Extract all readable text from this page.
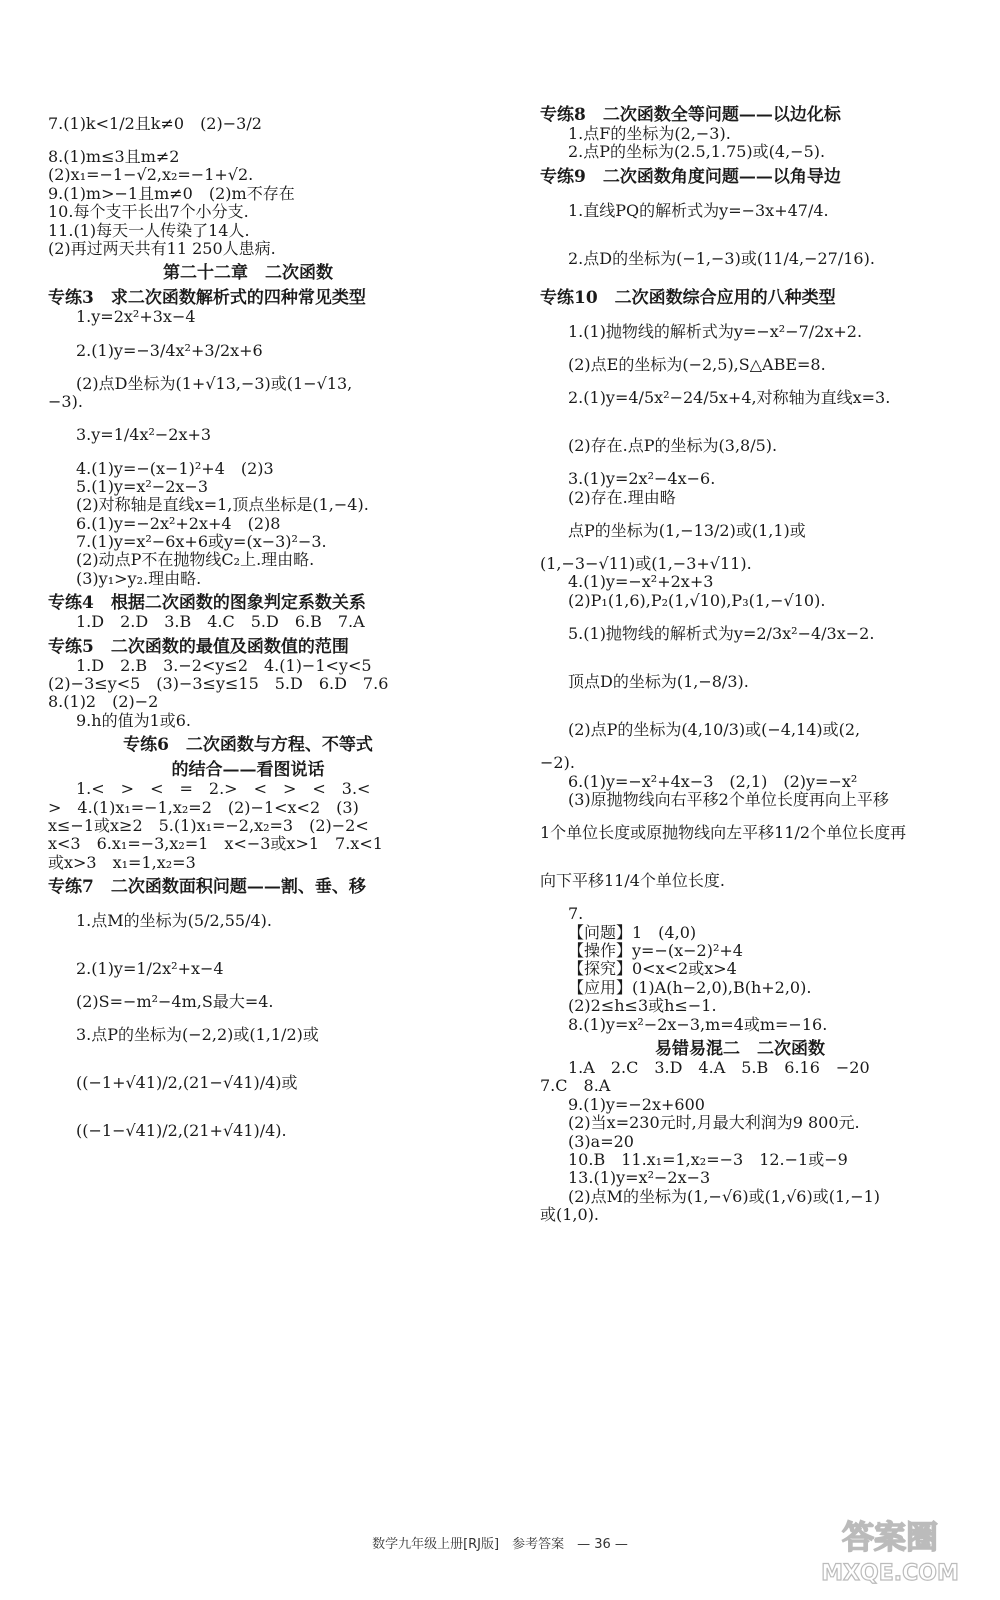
7.(1)k<1/2且k≠0　(2)−3/2
8.(1)m≤3且m≠2
(2)x₁=−1−√2,x₂=−1+√2.
9.(1)m>−1且m≠0　(2)m不存在
10.每个支干长出7个小分支.
11.(1)每天一人传染了14人.
(2)再过两天共有11 250人患病.
第二十二章　二次函数
专练3　求二次函数解析式的四种常见类型
1.y=2x²+3x−4
2.(1)y=−3/4x²+3/2x+6
(2)点D坐标为(1+√13,−3)或(1−√13,
−3).
3.y=1/4x²−2x+3
4.(1)y=−(x−1)²+4　(2)3
5.(1)y=x²−2x−3
(2)对称轴是直线x=1,顶点坐标是(1,−4).
6.(1)y=−2x²+2x+4　(2)8
7.(1)y=x²−6x+6或y=(x−3)²−3.
(2)动点P不在抛物线C₂上.理由略.
(3)y₁>y₂.理由略.
专练4　根据二次函数的图象判定系数关系
1.D　2.D　3.B　4.C　5.D　6.B　7.A
专练5　二次函数的最值及函数值的范围
1.D　2.B　3.−2<y≤2　4.(1)−1<y<5
(2)−3≤y<5　(3)−3≤y≤15　5.D　6.D　7.6
8.(1)2　(2)−2
9.h的值为1或6.
专练6　二次函数与方程、不等式
的结合——看图说话
1.<　>　<　=　2.>　<　>　<　3.<
>　4.(1)x₁=−1,x₂=2　(2)−1<x<2　(3)
x≤−1或x≥2　5.(1)x₁=−2,x₂=3　(2)−2<
x<3　6.x₁=−3,x₂=1　x<−3或x>1　7.x<1
或x>3　x₁=1,x₂=3
专练7　二次函数面积问题——割、垂、移
1.点M的坐标为(5/2,55/4).
2.(1)y=1/2x²+x−4
(2)S=−m²−4m,S最大=4.
3.点P的坐标为(−2,2)或(1,1/2)或
((−1+√41)/2,(21−√41)/4)或
((−1−√41)/2,(21+√41)/4).
专练8　二次函数全等问题——以边化标
1.点F的坐标为(2,−3).
2.点P的坐标为(2.5,1.75)或(4,−5).
专练9　二次函数角度问题——以角导边
1.直线PQ的解析式为y=−3x+47/4.
2.点D的坐标为(−1,−3)或(11/4,−27/16).
专练10　二次函数综合应用的八种类型
1.(1)抛物线的解析式为y=−x²−7/2x+2.
(2)点E的坐标为(−2,5),S△ABE=8.
2.(1)y=4/5x²−24/5x+4,对称轴为直线x=3.
(2)存在.点P的坐标为(3,8/5).
3.(1)y=2x²−4x−6.
(2)存在.理由略
点P的坐标为(1,−13/2)或(1,1)或
(1,−3−√11)或(1,−3+√11).
4.(1)y=−x²+2x+3
(2)P₁(1,6),P₂(1,√10),P₃(1,−√10).
5.(1)抛物线的解析式为y=2/3x²−4/3x−2.
顶点D的坐标为(1,−8/3).
(2)点P的坐标为(4,10/3)或(−4,14)或(2,
−2).
6.(1)y=−x²+4x−3　(2,1)　(2)y=−x²
(3)原抛物线向右平移2个单位长度再向上平移
1个单位长度或原抛物线向左平移11/2个单位长度再
向下平移11/4个单位长度.
7.
【问题】1　(4,0)
【操作】y=−(x−2)²+4
【探究】0<x<2或x>4
【应用】(1)A(h−2,0),B(h+2,0).
(2)2≤h≤3或h≤−1.
8.(1)y=x²−2x−3,m=4或m=−16.
易错易混二　二次函数
1.A　2.C　3.D　4.A　5.B　6.16　−20
7.C　8.A
9.(1)y=−2x+600
(2)当x=230元时,月最大利润为9 800元.
(3)a=20
10.B　11.x₁=1,x₂=−3　12.−1或−9
13.(1)y=x²−2x−3
(2)点M的坐标为(1,−√6)或(1,√6)或(1,−1)
或(1,0).
数学九年级上册[RJ版]　参考答案　— 36 —	答案圈
MXQE.COM
